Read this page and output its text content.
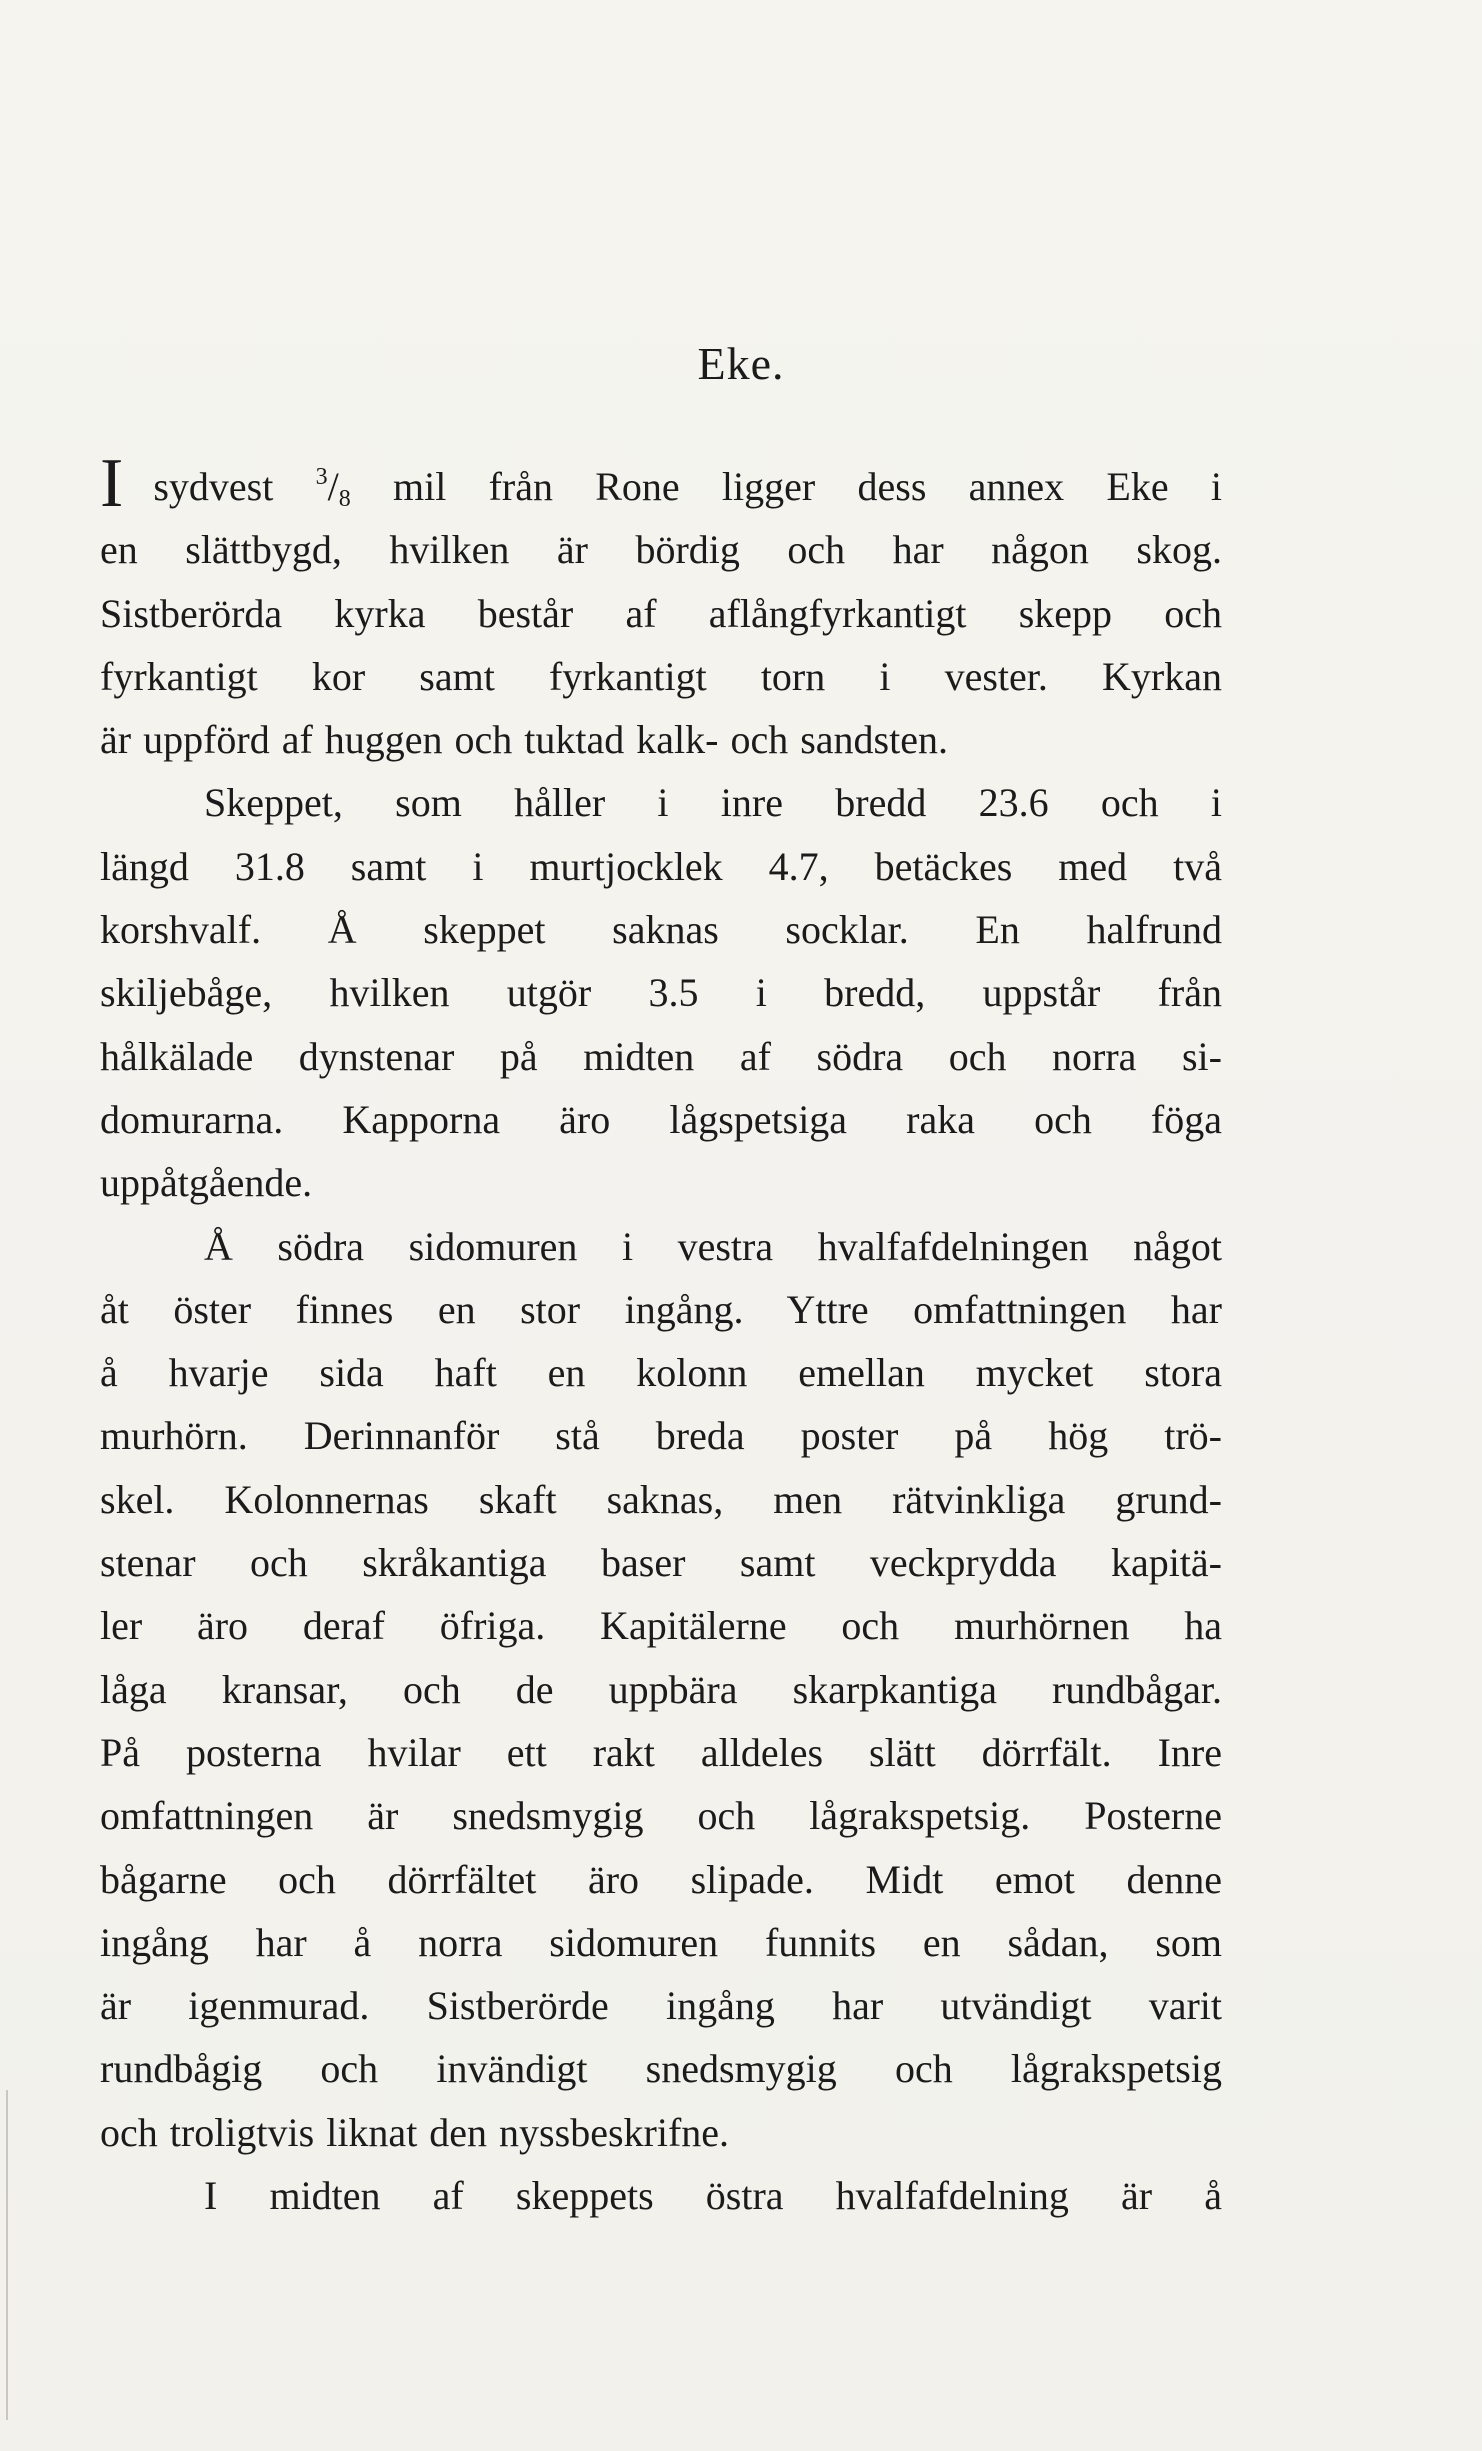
Eke.
Isydvest $^3/_8$ mil från Rone ligger dess annex Eke i
en slättbygd, hvilken är bördig och har någon skog.
Sistberörda kyrka består af aflångfyrkantigt skepp och
fyrkantigt kor samt fyrkantigt torn i vester. Kyrkan
är uppförd af huggen och tuktad kalk- och sandsten.
Skeppet, som håller i inre bredd 23.6 och i
längd 31.8 samt i murtjocklek 4.7, betäckes med två
korshvalf. Å skeppet saknas socklar. En halfrund
skiljebåge, hvilken utgör 3.5 i bredd, uppstår från
hålkälade dynstenar på midten af södra och norra si-
domurarna. Kapporna äro lågspetsiga raka och föga
uppåtgående.
Å södra sidomuren i vestra hvalfafdelningen något
åt öster finnes en stor ingång. Yttre omfattningen har
å hvarje sida haft en kolonn emellan mycket stora
murhörn. Derinnanför stå breda poster på hög trö-
skel. Kolonnernas skaft saknas, men rätvinkliga grund-
stenar och skråkantiga baser samt veckprydda kapitä-
ler äro deraf öfriga. Kapitälerne och murhörnen ha
låga kransar, och de uppbära skarpkantiga rundbågar.
På posterna hvilar ett rakt alldeles slätt dörrfält. Inre
omfattningen är snedsmygig och lågrakspetsig. Posterne
bågarne och dörrfältet äro slipade. Midt emot denne
ingång har å norra sidomuren funnits en sådan, som
är igenmurad. Sistberörde ingång har utvändigt varit
rundbågig och invändigt snedsmygig och lågrakspetsig
och troligtvis liknat den nyssbeskrifne.
I midten af skeppets östra hvalfafdelning är å
